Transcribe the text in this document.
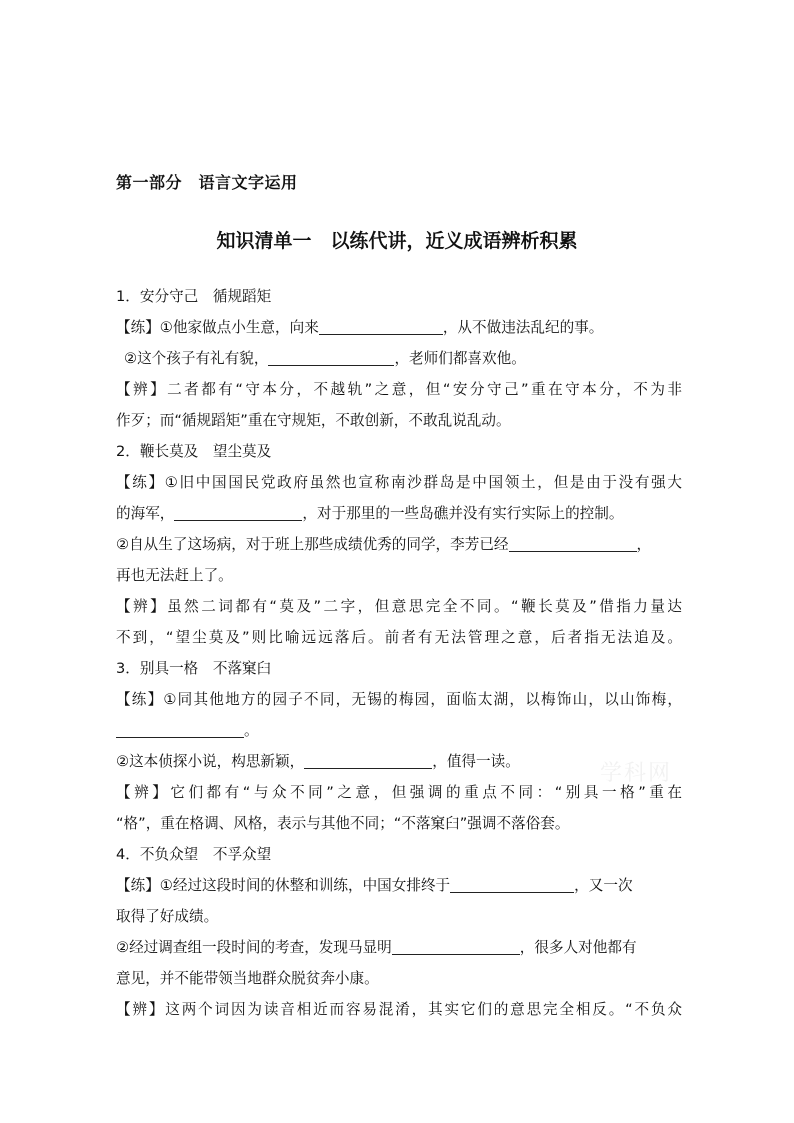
第一部分　语言文字运用
知识清单一　以练代讲，近义成语辨析积累
1．安分守己　循规蹈矩
【练】①他家做点小生意，向来	，从不做违法乱纪的事。
②这个孩子有礼有貌，	，老师们都喜欢他。
【辨】二者都有“守本分，不越轨”之意，但“安分守己”重在守本分，不为非
作歹；而“循规蹈矩”重在守规矩，不敢创新，不敢乱说乱动。
2．鞭长莫及　望尘莫及
【练】①旧中国国民党政府虽然也宣称南沙群岛是中国领土，但是由于没有强大
的海军，	，对于那里的一些岛礁并没有实行实际上的控制。
②自从生了这场病，对于班上那些成绩优秀的同学，李芳已经	，
再也无法赶上了。
【辨】虽然二词都有“莫及”二字，但意思完全不同。“鞭长莫及”借指力量达
不到，“望尘莫及”则比喻远远落后。前者有无法管理之意，后者指无法追及。
3．别具一格　不落窠臼
【练】①同其他地方的园子不同，无锡的梅园，面临太湖，以梅饰山，以山饰梅，
。
②这本侦探小说，构思新颖，	，值得一读。
【辨】它们都有“与众不同”之意，但强调的重点不同：“别具一格”重在
“格”，重在格调、风格，表示与其他不同；“不落窠臼”强调不落俗套。
4．不负众望　不孚众望
【练】①经过这段时间的休整和训练，中国女排终于	，又一次
取得了好成绩。
②经过调查组一段时间的考查，发现马显明	，很多人对他都有
意见，并不能带领当地群众脱贫奔小康。
【辨】这两个词因为读音相近而容易混淆，其实它们的意思完全相反。“不负众
学科网
